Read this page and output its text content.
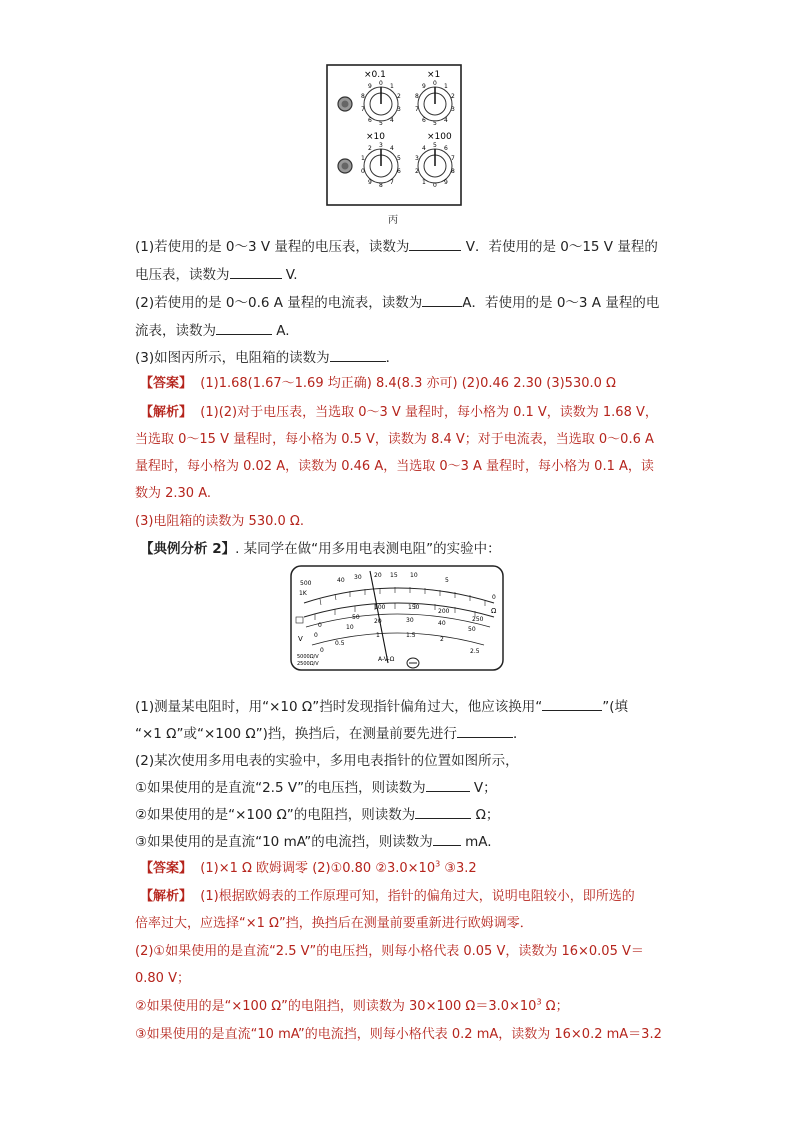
×0.1	×1
×10	×100
0 1
2
3
4
5
6
7
8
9	0 1
2
3
4
5
6
7
8
9
3 4
5
6
7
8
9
0
1
2	5 6
7
8
9
0
1
2
3
4
丙
(1)若使用的是 0～3 V 量程的电压表，读数为	V．若使用的是 0～15 V 量程的
电压表，读数为	V.
(2)若使用的是 0～0.6 A 量程的电流表，读数为	A．若使用的是 0～3 A 量程的电
流表，读数为	A.
(3)如图丙所示，电阻箱的读数为	．
【答案】 (1)1.68(1.67～1.69 均正确) 8.4(8.3 亦可) (2)0.46 2.30 (3)530.0 Ω
【解析】 (1)(2)对于电压表，当选取 0～3 V 量程时，每小格为 0.1 V，读数为 1.68 V，
当选取 0～15 V 量程时，每小格为 0.5 V，读数为 8.4 V；对于电流表，当选取 0～0.6 A
量程时，每小格为 0.02 A，读数为 0.46 A，当选取 0～3 A 量程时，每小格为 0.1 A，读
数为 2.30 A.
(3)电阻箱的读数为 530.0 Ω.
【典例分析 2】. 某同学在做“用多用电表测电阻”的实验中：
500
1K
40 30 20 15 10
5
0
Ω
0
50
100	150
200
250
0
10
20	30	40
50
0
0.5
1	1.5
2
2.5
V
5000Ω/V
2500Ω/V
A-V-Ω
(1)测量某电阻时，用“×10 Ω”挡时发现指针偏角过大，他应该换用“	”(填
“×1 Ω”或“×100 Ω”)挡，换挡后，在测量前要先进行	．
(2)某次使用多用电表的实验中，多用电表指针的位置如图所示，
①如果使用的是直流“2.5 V”的电压挡，则读数为	V；
②如果使用的是“×100 Ω”的电阻挡，则读数为	Ω；
③如果使用的是直流“10 mA”的电流挡，则读数为 mA.
【答案】 (1)×1 Ω 欧姆调零 (2)①0.80 $②3.0\times 10^3$ ③3.2
【解析】 (1)根据欧姆表的工作原理可知，指针的偏角过大，说明电阻较小，即所选的
倍率过大，应选择“×1 Ω”挡，换挡后在测量前要重新进行欧姆调零．
(2)①如果使用的是直流“2.5 V”的电压挡，则每小格代表 0.05 V，读数为 16×0.05 V＝
0.80 V；
②如果使用的是“×100 Ω”的电阻挡，则读数为 30×100 $\Omega=3.0\times 10^3$ Ω；
③如果使用的是直流“10 mA”的电流挡，则每小格代表 0.2 mA，读数为 16×0.2 mA＝3.2
